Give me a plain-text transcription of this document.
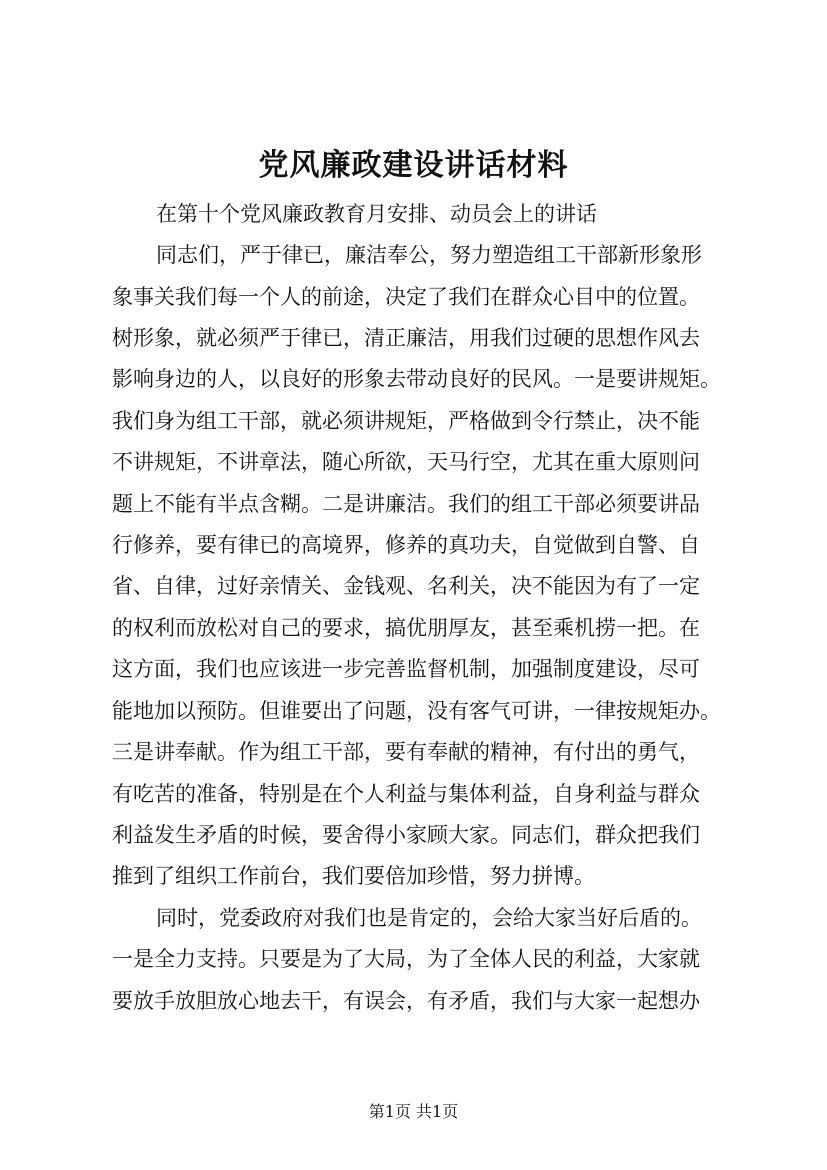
党风廉政建设讲话材料
在第十个党风廉政教育月安排、动员会上的讲话
同志们，严于律已，廉洁奉公，努力塑造组工干部新形象形
象事关我们每一个人的前途，决定了我们在群众心目中的位置。
树形象，就必须严于律已，清正廉洁，用我们过硬的思想作风去
影响身边的人，以良好的形象去带动良好的民风。一是要讲规矩。
我们身为组工干部，就必须讲规矩，严格做到令行禁止，决不能
不讲规矩，不讲章法，随心所欲，天马行空，尤其在重大原则问
题上不能有半点含糊。二是讲廉洁。我们的组工干部必须要讲品
行修养，要有律已的高境界，修养的真功夫，自觉做到自警、自
省、自律，过好亲情关、金钱观、名利关，决不能因为有了一定
的权利而放松对自己的要求，搞优朋厚友，甚至乘机捞一把。在
这方面，我们也应该进一步完善监督机制，加强制度建设，尽可
能地加以预防。但谁要出了问题，没有客气可讲，一律按规矩办。
三是讲奉献。作为组工干部，要有奉献的精神，有付出的勇气，
有吃苦的准备，特别是在个人利益与集体利益，自身利益与群众
利益发生矛盾的时候，要舍得小家顾大家。同志们，群众把我们
推到了组织工作前台，我们要倍加珍惜，努力拼博。
同时，党委政府对我们也是肯定的，会给大家当好后盾的。
一是全力支持。只要是为了大局，为了全体人民的利益，大家就
要放手放胆放心地去干，有误会，有矛盾，我们与大家一起想办
第1页 共1页
